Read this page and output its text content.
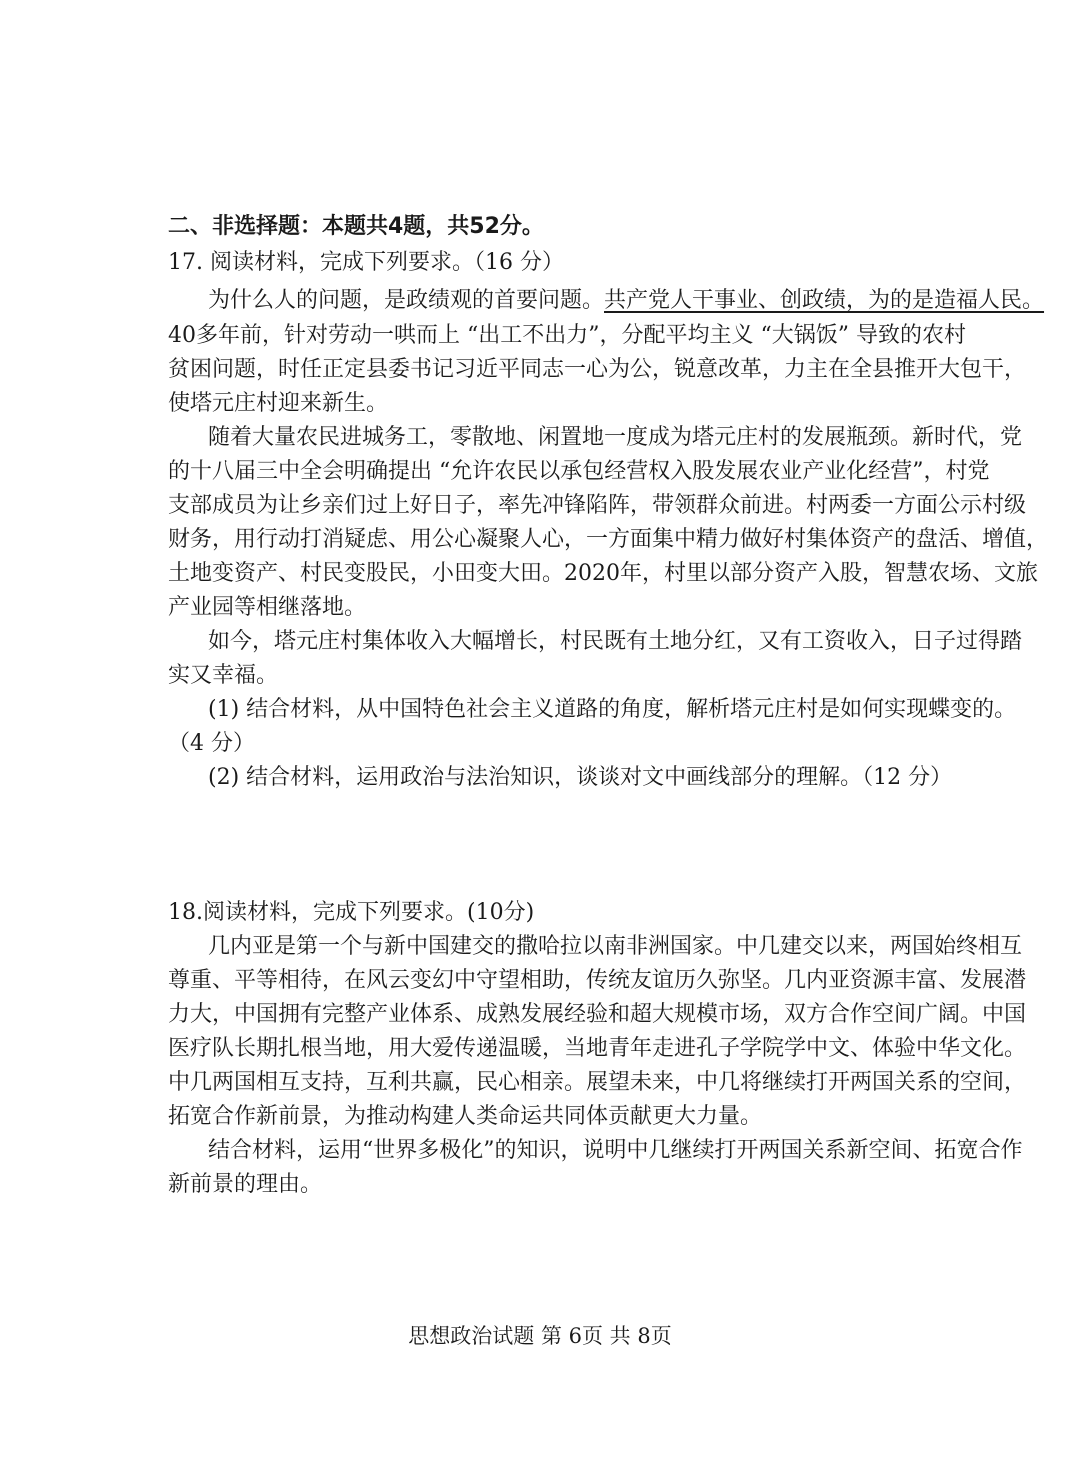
二、非选择题：本题共4题，共52分。
17. 阅读材料，完成下列要求。（16 分）
为什么人的问题，是政绩观的首要问题。共产党人干事业、创政绩，为的是造福人民。
40多年前，针对劳动一哄而上 “出工不出力”，分配平均主义 “大锅饭” 导致的农村
贫困问题，时任正定县委书记习近平同志一心为公，锐意改革，力主在全县推开大包干，
使塔元庄村迎来新生。
随着大量农民进城务工，零散地、闲置地一度成为塔元庄村的发展瓶颈。新时代，党
的十八届三中全会明确提出 “允许农民以承包经营权入股发展农业产业化经营”，村党
支部成员为让乡亲们过上好日子，率先冲锋陷阵，带领群众前进。村两委一方面公示村级
财务，用行动打消疑虑、用公心凝聚人心，一方面集中精力做好村集体资产的盘活、增值，
土地变资产、村民变股民，小田变大田。2020年，村里以部分资产入股，智慧农场、文旅
产业园等相继落地。
如今，塔元庄村集体收入大幅增长，村民既有土地分红，又有工资收入，日子过得踏
实又幸福。
(1) 结合材料，从中国特色社会主义道路的角度，解析塔元庄村是如何实现蝶变的。
（4 分）
(2) 结合材料，运用政治与法治知识，谈谈对文中画线部分的理解。（12 分）
18.阅读材料，完成下列要求。(10分)
几内亚是第一个与新中国建交的撒哈拉以南非洲国家。中几建交以来，两国始终相互
尊重、平等相待，在风云变幻中守望相助，传统友谊历久弥坚。几内亚资源丰富、发展潜
力大，中国拥有完整产业体系、成熟发展经验和超大规模市场，双方合作空间广阔。中国
医疗队长期扎根当地，用大爱传递温暖，当地青年走进孔子学院学中文、体验中华文化。
中几两国相互支持，互利共赢，民心相亲。展望未来，中几将继续打开两国关系的空间，
拓宽合作新前景，为推动构建人类命运共同体贡献更大力量。
结合材料，运用“世界多极化”的知识，说明中几继续打开两国关系新空间、拓宽合作
新前景的理由。
思想政治试题 第 6页 共 8页
